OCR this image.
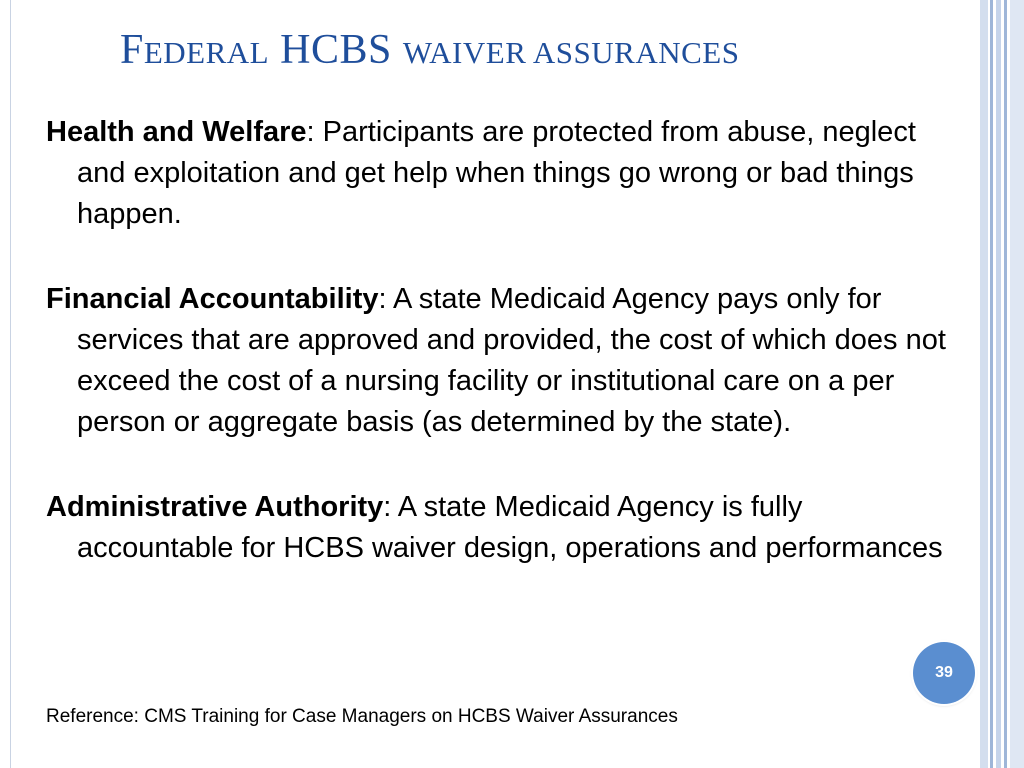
FEDERAL HCBS WAIVER ASSURANCES
Health and Welfare: Participants are protected from abuse, neglect and exploitation and get help when things go wrong or bad things happen.
Financial Accountability: A state Medicaid Agency pays only for services that are approved and provided, the cost of which does not exceed the cost of a nursing facility or institutional care on a per person or aggregate basis (as determined by the state).
Administrative Authority: A state Medicaid Agency is fully accountable for HCBS waiver design, operations and performances
Reference: CMS Training for Case Managers on HCBS Waiver Assurances
39
